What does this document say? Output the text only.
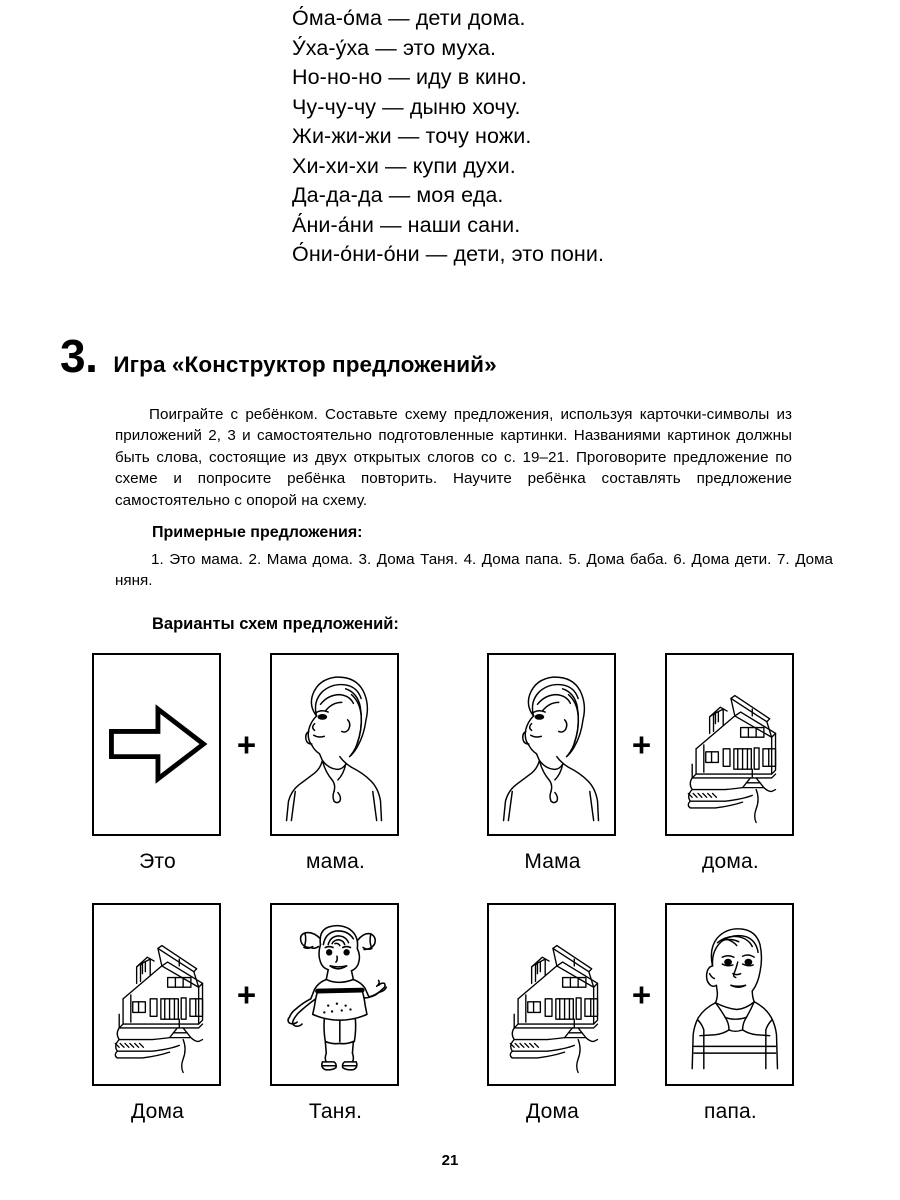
О́ма-о́ма — дети дома.
У́ха-у́ха — это муха.
Но-но-но — иду в кино.
Чу-чу-чу — дыню хочу.
Жи-жи-жи — точу ножи.
Хи-хи-хи — купи духи.
Да-да-да — моя еда.
А́ни-а́ни — наши сани.
О́ни-о́ни-о́ни — дети, это пони.
3. Игра «Конструктор предложений»
Поиграйте с ребёнком. Составьте схему предложения, используя карточки-символы из приложений 2, 3 и самостоятельно подготовленные картинки. Названиями картинок должны быть слова, состоящие из двух открытых слогов со с. 19–21. Проговорите предложение по схеме и попросите ребёнка повторить. Научите ребёнка составлять предложение самостоятельно с опорой на схему.
Примерные предложения:
1. Это мама. 2. Мама дома. 3. Дома Таня. 4. Дома папа. 5. Дома баба. 6. Дома дети. 7. Дома няня.
Варианты схем предложений:
Это
+
мама.	Мама
+
дома.
Дома
+
Таня.	Дома
+
папа.
21
